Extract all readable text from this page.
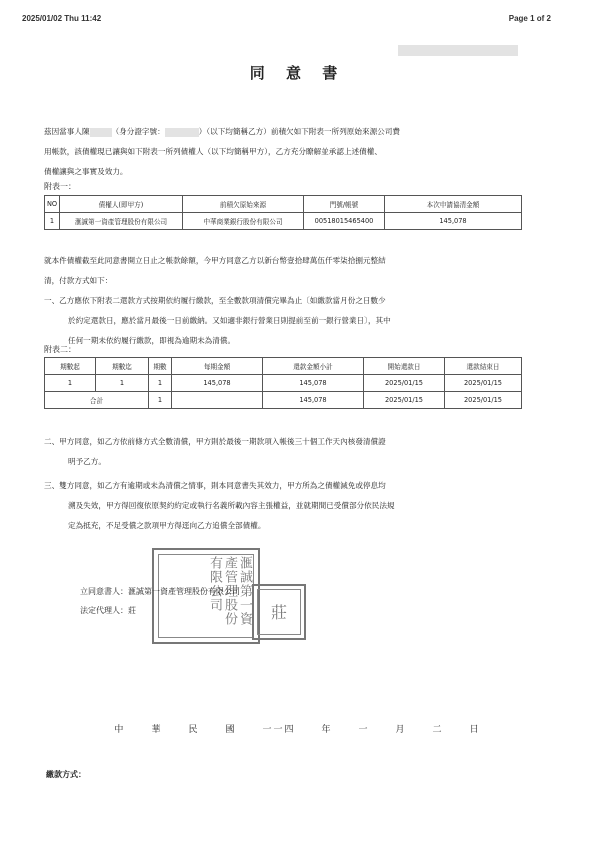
2025/01/02 Thu 11:42	Page 1 of 2
同 意 書
茲因當事人陳	（身分證字號：	）（以下均簡稱乙方）前積欠如下附表一所列原始來源公司費
用帳款，該債權現已讓與如下附表一所列債權人（以下均簡稱甲方），乙方充分瞭解並承認上述債權、
債權讓與之事實及效力。
附表一：
NO	債權人(即甲方)	前積欠原始來源	門號/帳號	本次申請協清金額
1	滙誠第一資產管理股份有限公司	中華商業銀行股份有限公司	00518015465400	145,078
就本件債權截至此同意書開立日止之帳款餘額，今甲方同意乙方以新台幣壹拾肆萬伍仟零柒拾捌元整結
清，付款方式如下：
一、乙方應依下附表二還款方式按期依約履行繳款，至全數款項清償完畢為止〔如繳款當月份之日數少
於約定還款日，應於當月最後一日前繳納。又如適非銀行營業日則提前至前一銀行營業日〕，其中
任何一期未依約履行繳款，即視為逾期未為清償。
附表二：
期數起	期數迄	期數	每期金額	還款金額小計	開始還款日	還款結束日
1	1	1	145,078	145,078	2025/01/15	2025/01/15
合計		1		145,078	2025/01/15	2025/01/15
二、甲方同意，如乙方依前條方式全數清償，甲方則於最後一期款項入帳後三十個工作天內核發清償證
明予乙方。
三、雙方同意，如乙方有逾期或未為清償之情事，則本同意書失其效力，甲方所為之債權減免或停息均
溯及失效，甲方得回復依原契約約定或執行名義所載內容主張權益，並就期間已受償部分依民法規
定為抵充，不足受償之款項甲方得逕向乙方追償全部債權。
滙誠第一資產管理股份有限公司
莊
立同意書人：滙誠第一資產管理股份有限公司
法定代理人：莊
中	華	民	國	一一四	年	一	月	二	日
繳款方式：
